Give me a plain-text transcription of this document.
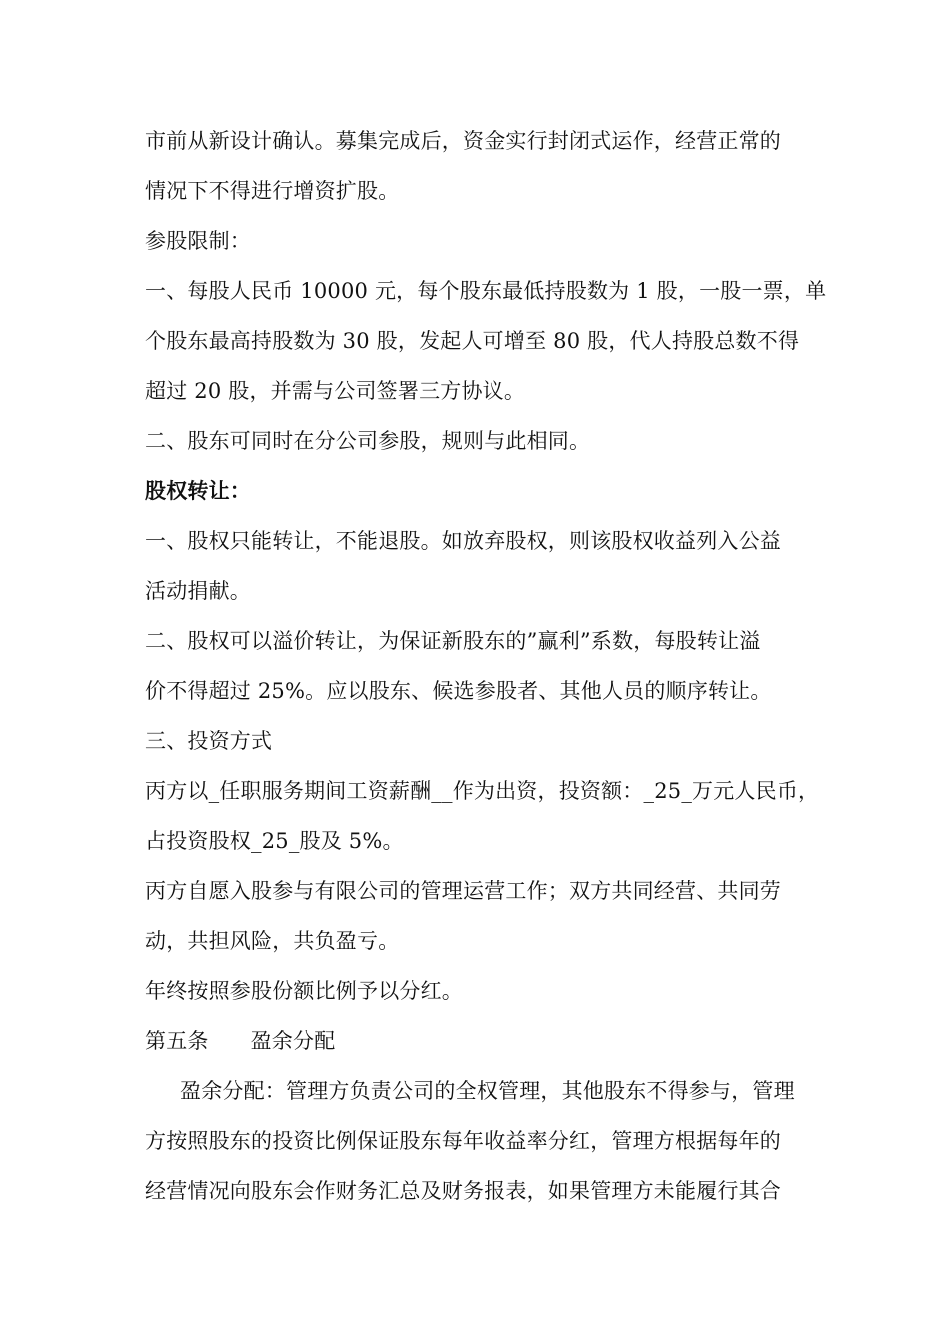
市前从新设计确认。募集完成后，资金实行封闭式运作，经营正常的
情况下不得进行增资扩股。
参股限制：
一、每股人民币 10000 元，每个股东最低持股数为 1 股，一股一票，单
个股东最高持股数为 30 股，发起人可增至 80 股，代人持股总数不得
超过 20 股，并需与公司签署三方协议。
二、股东可同时在分公司参股，规则与此相同。
股权转让：
一、股权只能转让，不能退股。如放弃股权，则该股权收益列入公益
活动捐献。
二、股权可以溢价转让，为保证新股东的”赢利”系数，每股转让溢
价不得超过 25%。应以股东、候选参股者、其他人员的顺序转让。
三、投资方式
丙方以_任职服务期间工资薪酬__作为出资，投资额：_25_万元人民币，
占投资股权_25_股及 5%。
丙方自愿入股参与有限公司的管理运营工作；双方共同经营、共同劳
动，共担风险，共负盈亏。
年终按照参股份额比例予以分红。
第五条 盈余分配
盈余分配：管理方负责公司的全权管理，其他股东不得参与，管理
方按照股东的投资比例保证股东每年收益率分红，管理方根据每年的
经营情况向股东会作财务汇总及财务报表，如果管理方未能履行其合
